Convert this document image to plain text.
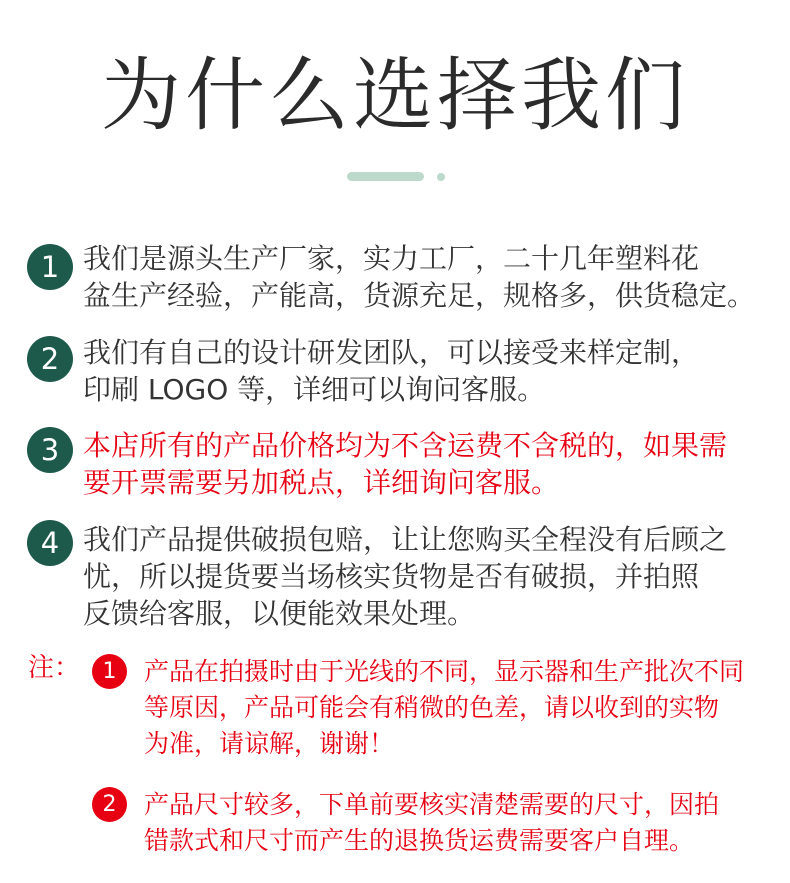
为什么选择我们
1 我们是源头生产厂家，实力工厂，二十几年塑料花
盆生产经验，产能高，货源充足，规格多，供货稳定。
2 我们有自己的设计研发团队，可以接受来样定制，
印刷 LOGO 等，详细可以询问客服。
3 本店所有的产品价格均为不含运费不含税的，如果需
要开票需要另加税点，详细询问客服。
4 我们产品提供破损包赔，让让您购买全程没有后顾之
忧，所以提货要当场核实货物是否有破损，并拍照
反馈给客服，以便能效果处理。
注：	1	产品在拍摄时由于光线的不同，显示器和生产批次不同
等原因，产品可能会有稍微的色差，请以收到的实物
为准，请谅解，谢谢！
2	产品尺寸较多，下单前要核实清楚需要的尺寸，因拍
错款式和尺寸而产生的退换货运费需要客户自理。
